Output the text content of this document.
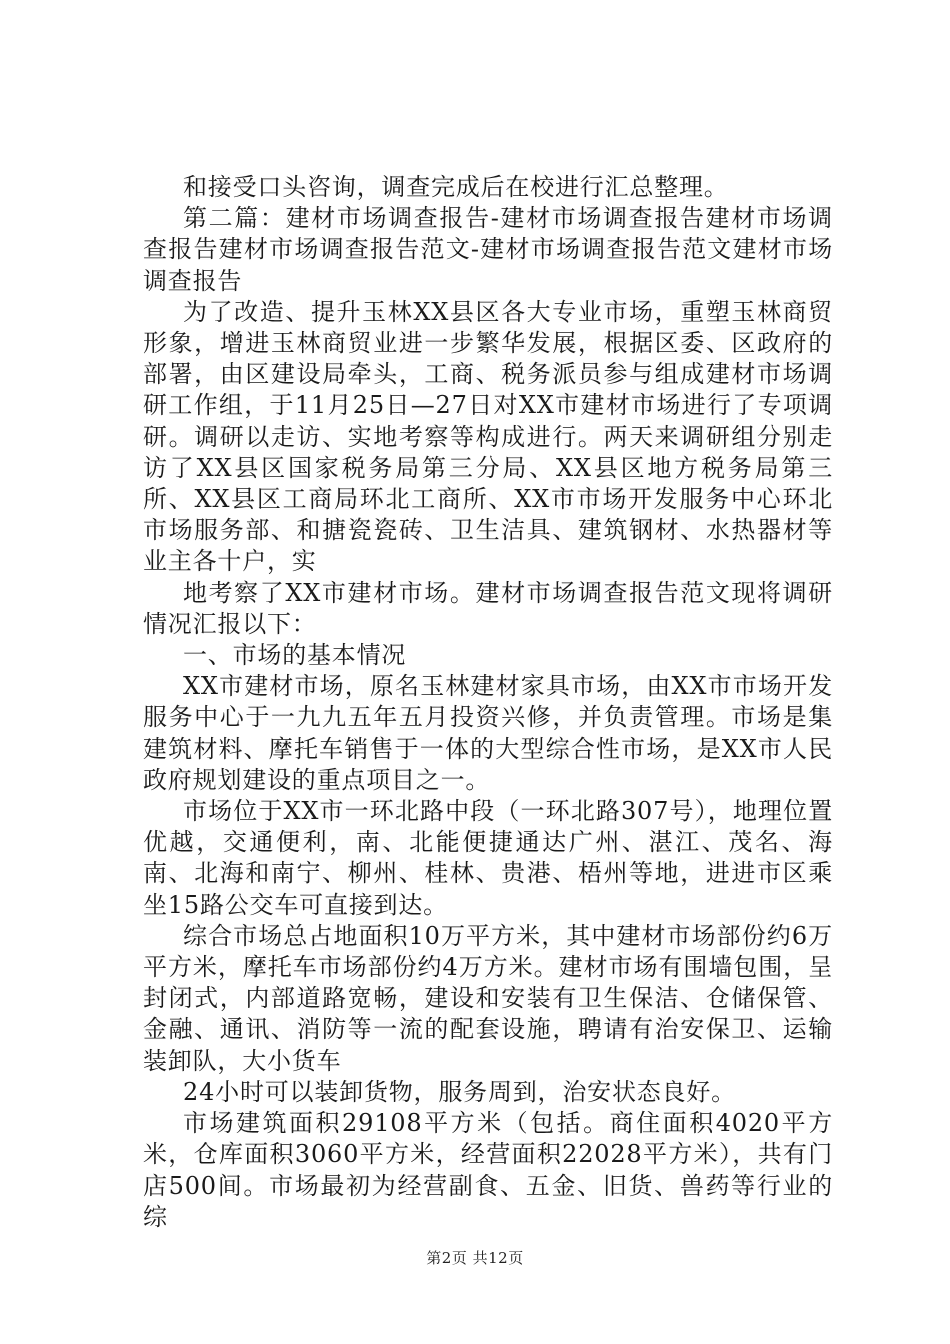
和接受口头咨询，调查完成后在校进行汇总整理。

第二篇：建材市场调查报告-建材市场调查报告建材市场调查报告建材市场调查报告范文-建材市场调查报告范文建材市场调查报告

为了改造、提升玉林XX县区各大专业市场，重塑玉林商贸形象，增进玉林商贸业进一步繁华发展，根据区委、区政府的部署，由区建设局牵头，工商、税务派员参与组成建材市场调研工作组，于11月25日—27日对XX市建材市场进行了专项调研。调研以走访、实地考察等构成进行。两天来调研组分别走访了XX县区国家税务局第三分局、XX县区地方税务局第三所、XX县区工商局环北工商所、XX市市场开发服务中心环北市场服务部、和搪瓷瓷砖、卫生洁具、建筑钢材、水热器材等业主各十户，实

地考察了XX市建材市场。建材市场调查报告范文现将调研情况汇报以下：

一、市场的基本情况

XX市建材市场，原名玉林建材家具市场，由XX市市场开发服务中心于一九九五年五月投资兴修，并负责管理。市场是集建筑材料、摩托车销售于一体的大型综合性市场，是XX市人民政府规划建设的重点项目之一。

市场位于XX市一环北路中段（一环北路307号），地理位置优越，交通便利，南、北能便捷通达广州、湛江、茂名、海南、北海和南宁、柳州、桂林、贵港、梧州等地，进进市区乘坐15路公交车可直接到达。

综合市场总占地面积10万平方米，其中建材市场部份约6万平方米，摩托车市场部份约4万方米。建材市场有围墙包围，呈封闭式，内部道路宽畅，建设和安装有卫生保洁、仓储保管、金融、通讯、消防等一流的配套设施，聘请有治安保卫、运输装卸队，大小货车

24小时可以装卸货物，服务周到，治安状态良好。

市场建筑面积29108平方米（包括。商住面积4020平方米，仓库面积3060平方米，经营面积22028平方米），共有门店500间。市场最初为经营副食、五金、旧货、兽药等行业的综

第2页 共12页
